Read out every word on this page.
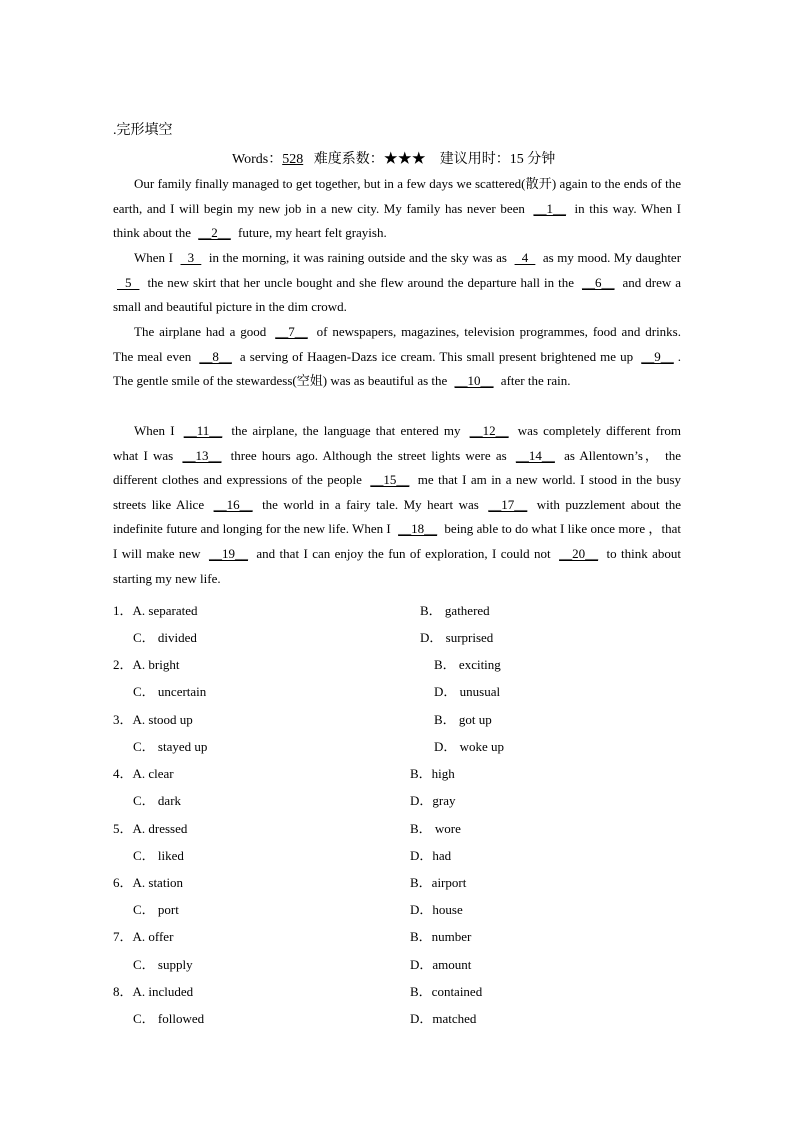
.完形填空
Words：528 难度系数：★★★ 建议用时：15 分钟
Our family finally managed to get together, but in a few days we scattered(散开) again to the ends of the earth, and I will begin my new job in a new city. My family has never been __1__ in this way. When I think about the __2__ future, my heart felt grayish.
When I   3   in the morning, it was raining outside and the sky was as   4   as my mood. My daughter   5   the new skirt that her uncle bought and she flew around the departure hall in the __6__ and drew a small and beautiful picture in the dim crowd.
The airplane had a good __7__ of newspapers, magazines, television programmes, food and drinks. The meal even __8__ a serving of Haagen-Dazs ice cream. This small present brightened me up __9__ . The gentle smile of the stewardess(空姐) was as beautiful as the __10__ after the rain.
When I __11__ the airplane, the language that entered my __12__ was completely different from what I was __13__ three hours ago. Although the street lights were as __14__ as Allentown’s， the different clothes and expressions of the people __15__ me that I am in a new world. I stood in the busy streets like Alice __16__ the world in a fairy tale. My heart was __17__ with puzzlement about the indefinite future and longing for the new life. When I __18__ being able to do what I like once more ，that I will make new __19__ and that I can enjoy the fun of exploration, I could not __20__ to think about starting my new life.
1．A. separated	B． gathered
C． divided	D． surprised
2．A. bright	B． exciting
C． uncertain	D． unusual
3．A. stood up	B． got up
C． stayed up	D． woke up
4．A. clear	B．high
C． dark	D．gray
5．A. dressed	B． wore
C． liked	D．had
6．A. station	B．airport
C． port	D．house
7．A. offer	B．number
C． supply	D．amount
8．A. included	B．contained
C． followed	D．matched
